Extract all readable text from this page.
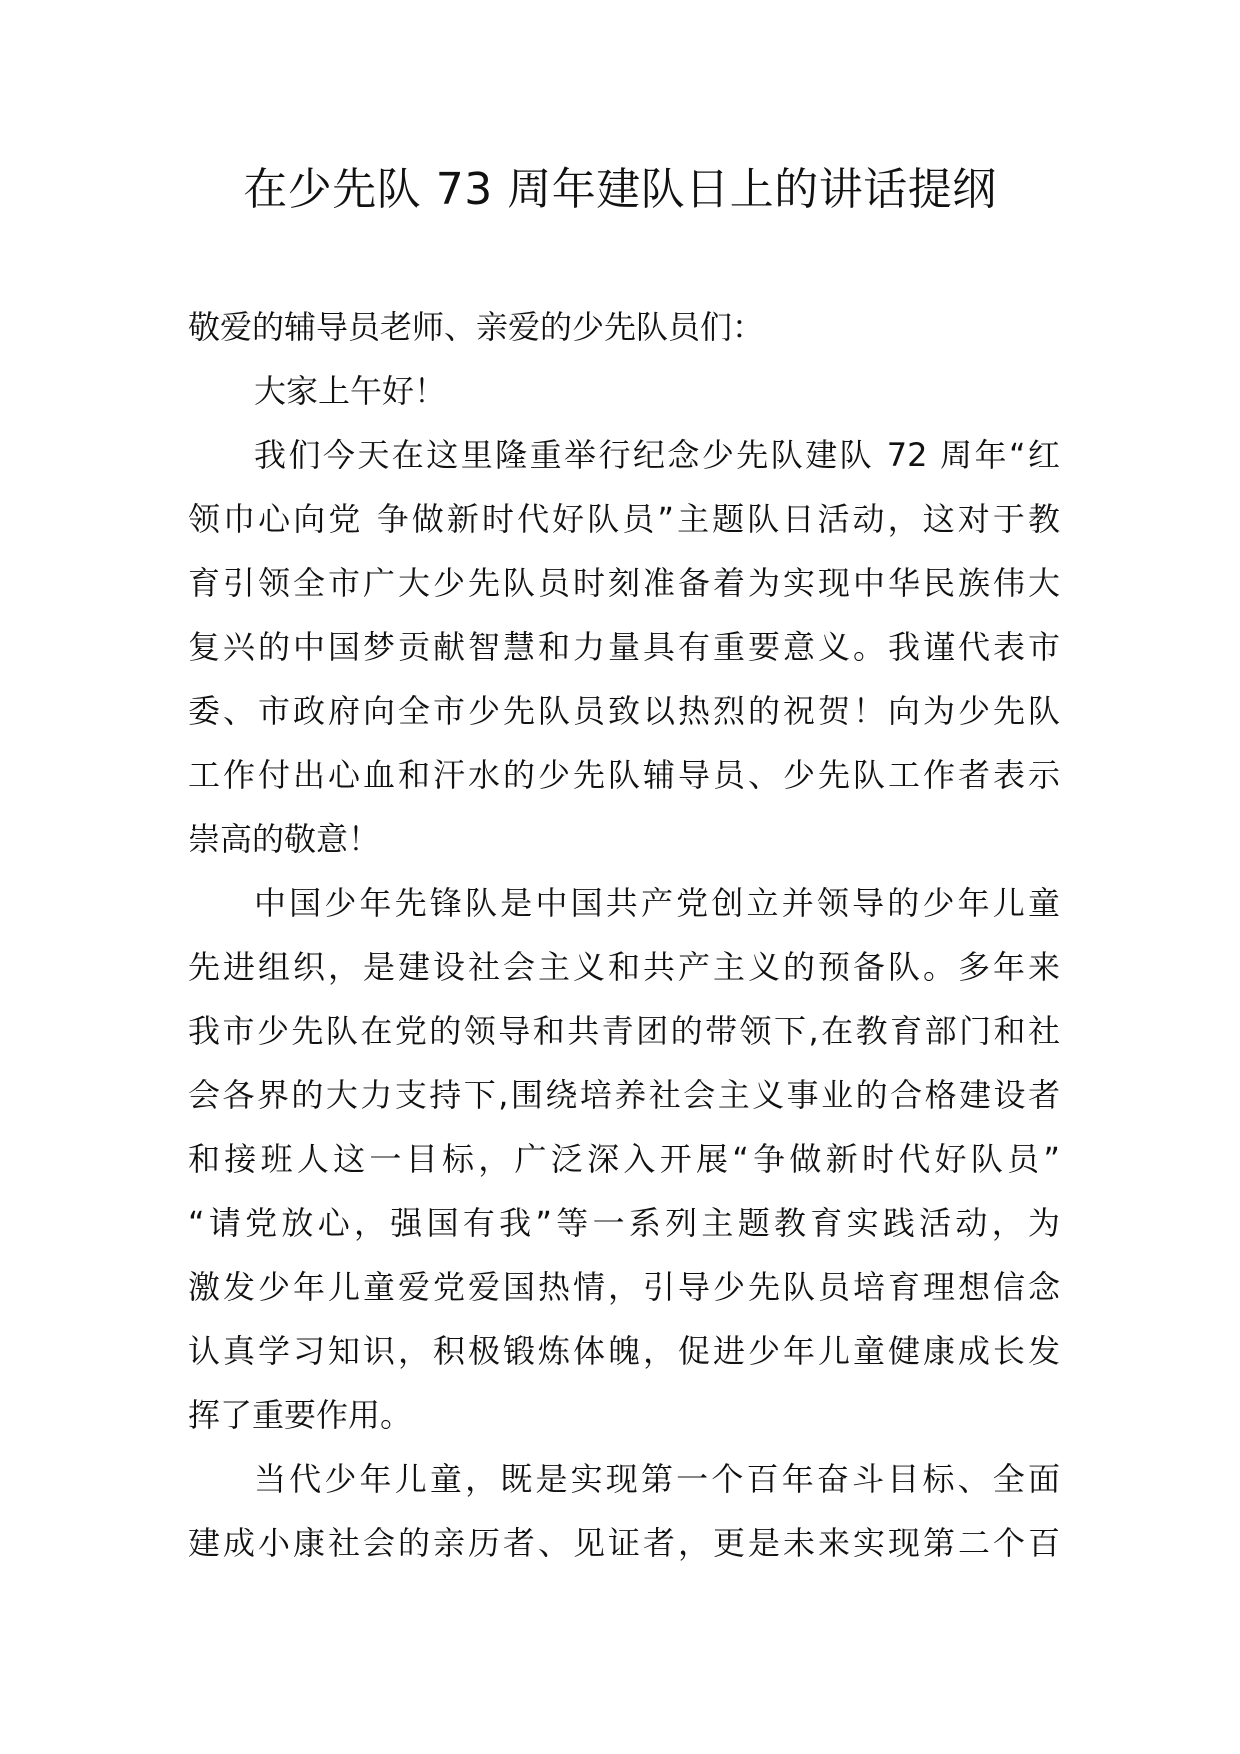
在少先队 73 周年建队日上的讲话提纲
敬爱的辅导员老师、亲爱的少先队员们：
大家上午好！
我们今天在这里隆重举行纪念少先队建队 72 周年“红
领巾心向党 争做新时代好队员”主题队日活动，这对于教
育引领全市广大少先队员时刻准备着为实现中华民族伟大
复兴的中国梦贡献智慧和力量具有重要意义。我谨代表市
委、市政府向全市少先队员致以热烈的祝贺！向为少先队
工作付出心血和汗水的少先队辅导员、少先队工作者表示
崇高的敬意！
中国少年先锋队是中国共产党创立并领导的少年儿童
先进组织，是建设社会主义和共产主义的预备队。多年来
我市少先队在党的领导和共青团的带领下,在教育部门和社
会各界的大力支持下,围绕培养社会主义事业的合格建设者
和接班人这一目标，广泛深入开展“争做新时代好队员”
“请党放心，强国有我”等一系列主题教育实践活动，为
激发少年儿童爱党爱国热情，引导少先队员培育理想信念
认真学习知识，积极锻炼体魄，促进少年儿童健康成长发
挥了重要作用。
当代少年儿童，既是实现第一个百年奋斗目标、全面
建成小康社会的亲历者、见证者，更是未来实现第二个百
